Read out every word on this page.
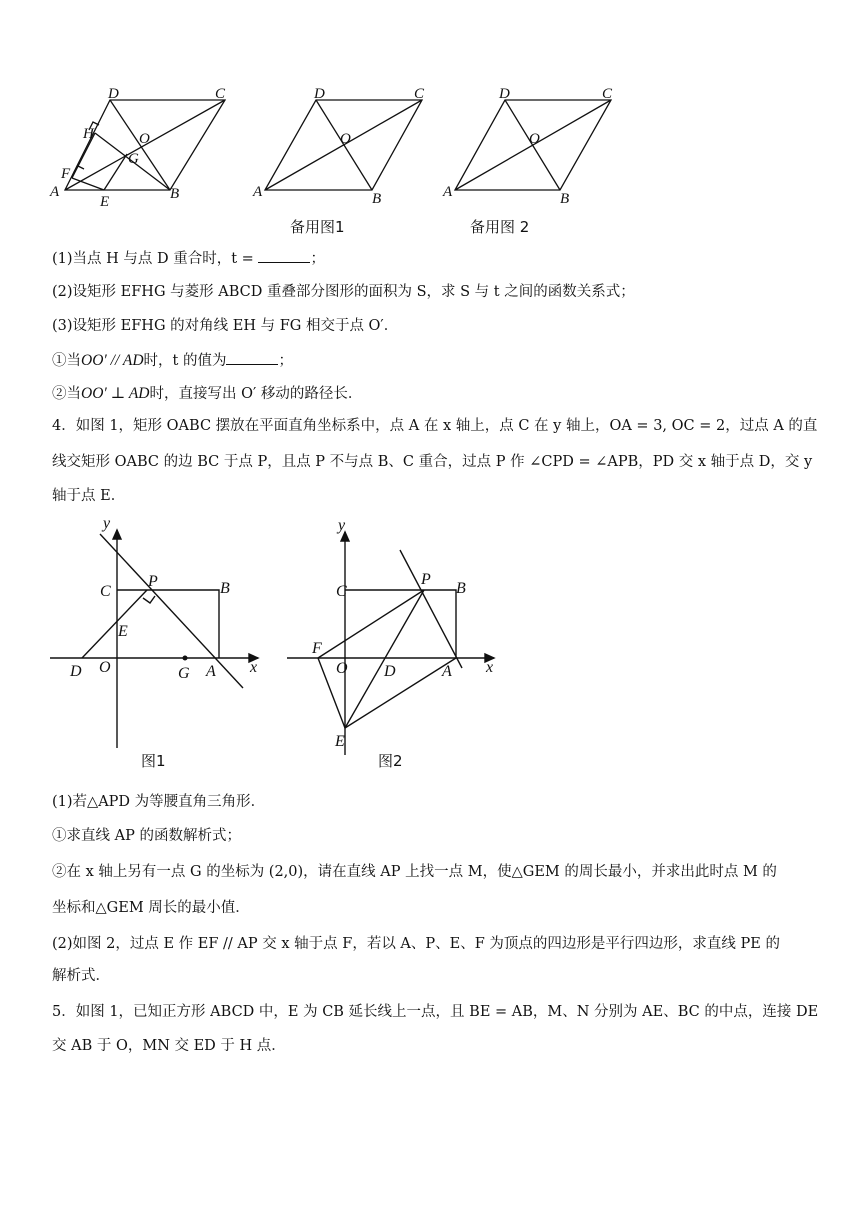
D	C
O
H
G
F
A
E	B
D	C
O
A	B
D	C
O
A	B
备用图1	备用图 2
(1)当点 H 与点 D 重合时，t =	；
(2)设矩形 EFHG 与菱形 ABCD 重叠部分图形的面积为 S，求 S 与 t 之间的函数关系式；
(3)设矩形 EFHG 的对角线 EH 与 FG 相交于点 O′．
①当OO′ // AD时，t 的值为	；
②当OO′ ⊥ AD时，直接写出 O′ 移动的路径长．
4．如图 1，矩形 OABC 摆放在平面直角坐标系中，点 A 在 x 轴上，点 C 在 y 轴上，OA = 3, OC = 2，过点 A 的直
线交矩形 OABC 的边 BC 于点 P，且点 P 不与点 B、C 重合，过点 P 作 ∠CPD = ∠APB，PD 交 x 轴于点 D，交 y
轴于点 E．
y
x
C
P	B
E
D O	G A
y
x
C
P
B
F
O D	A
E
图1	图2
(1)若△APD 为等腰直角三角形．
①求直线 AP 的函数解析式；
②在 x 轴上另有一点 G 的坐标为 (2,0)，请在直线 AP 上找一点 M，使△GEM 的周长最小，并求出此时点 M 的
坐标和△GEM 周长的最小值．
(2)如图 2，过点 E 作 EF // AP 交 x 轴于点 F，若以 A、P、E、F 为顶点的四边形是平行四边形，求直线 PE 的
解析式．
5．如图 1，已知正方形 ABCD 中，E 为 CB 延长线上一点，且 BE = AB，M、N 分别为 AE、BC 的中点，连接 DE
交 AB 于 O，MN 交 ED 于 H 点．
